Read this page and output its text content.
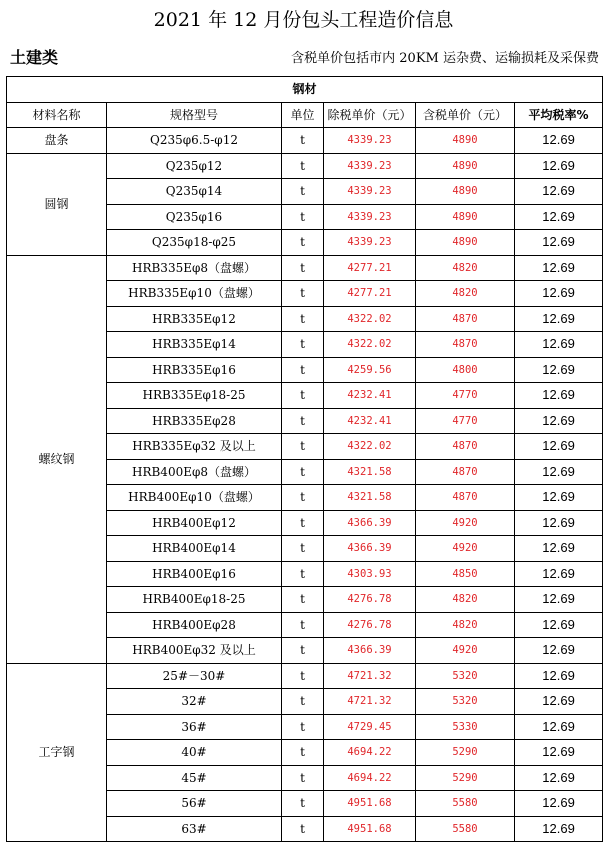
2021 年 12 月份包头工程造价信息
土建类	含税单价包括市内 20KM 运杂费、运输损耗及采保费
钢材					
材料名称	规格型号	单位	除税单价（元）	含税单价（元）	平均税率%
盘条	Q235φ6.5-φ12	t	4339.23	4890	12.69
圆钢	Q235φ12	t	4339.23	4890	12.69
	Q235φ14	t	4339.23	4890	12.69
	Q235φ16	t	4339.23	4890	12.69
	Q235φ18-φ25	t	4339.23	4890	12.69
螺纹钢	HRB335Eφ8（盘螺）	t	4277.21	4820	12.69
	HRB335Eφ10（盘螺）	t	4277.21	4820	12.69
	HRB335Eφ12	t	4322.02	4870	12.69
	HRB335Eφ14	t	4322.02	4870	12.69
	HRB335Eφ16	t	4259.56	4800	12.69
	HRB335Eφ18-25	t	4232.41	4770	12.69
	HRB335Eφ28	t	4232.41	4770	12.69
	HRB335Eφ32 及以上	t	4322.02	4870	12.69
	HRB400Eφ8（盘螺）	t	4321.58	4870	12.69
	HRB400Eφ10（盘螺）	t	4321.58	4870	12.69
	HRB400Eφ12	t	4366.39	4920	12.69
	HRB400Eφ14	t	4366.39	4920	12.69
	HRB400Eφ16	t	4303.93	4850	12.69
	HRB400Eφ18-25	t	4276.78	4820	12.69
	HRB400Eφ28	t	4276.78	4820	12.69
	HRB400Eφ32 及以上	t	4366.39	4920	12.69
工字钢	25#－30#	t	4721.32	5320	12.69
	32#	t	4721.32	5320	12.69
	36#	t	4729.45	5330	12.69
	40#	t	4694.22	5290	12.69
	45#	t	4694.22	5290	12.69
	56#	t	4951.68	5580	12.69
	63#	t	4951.68	5580	12.69
